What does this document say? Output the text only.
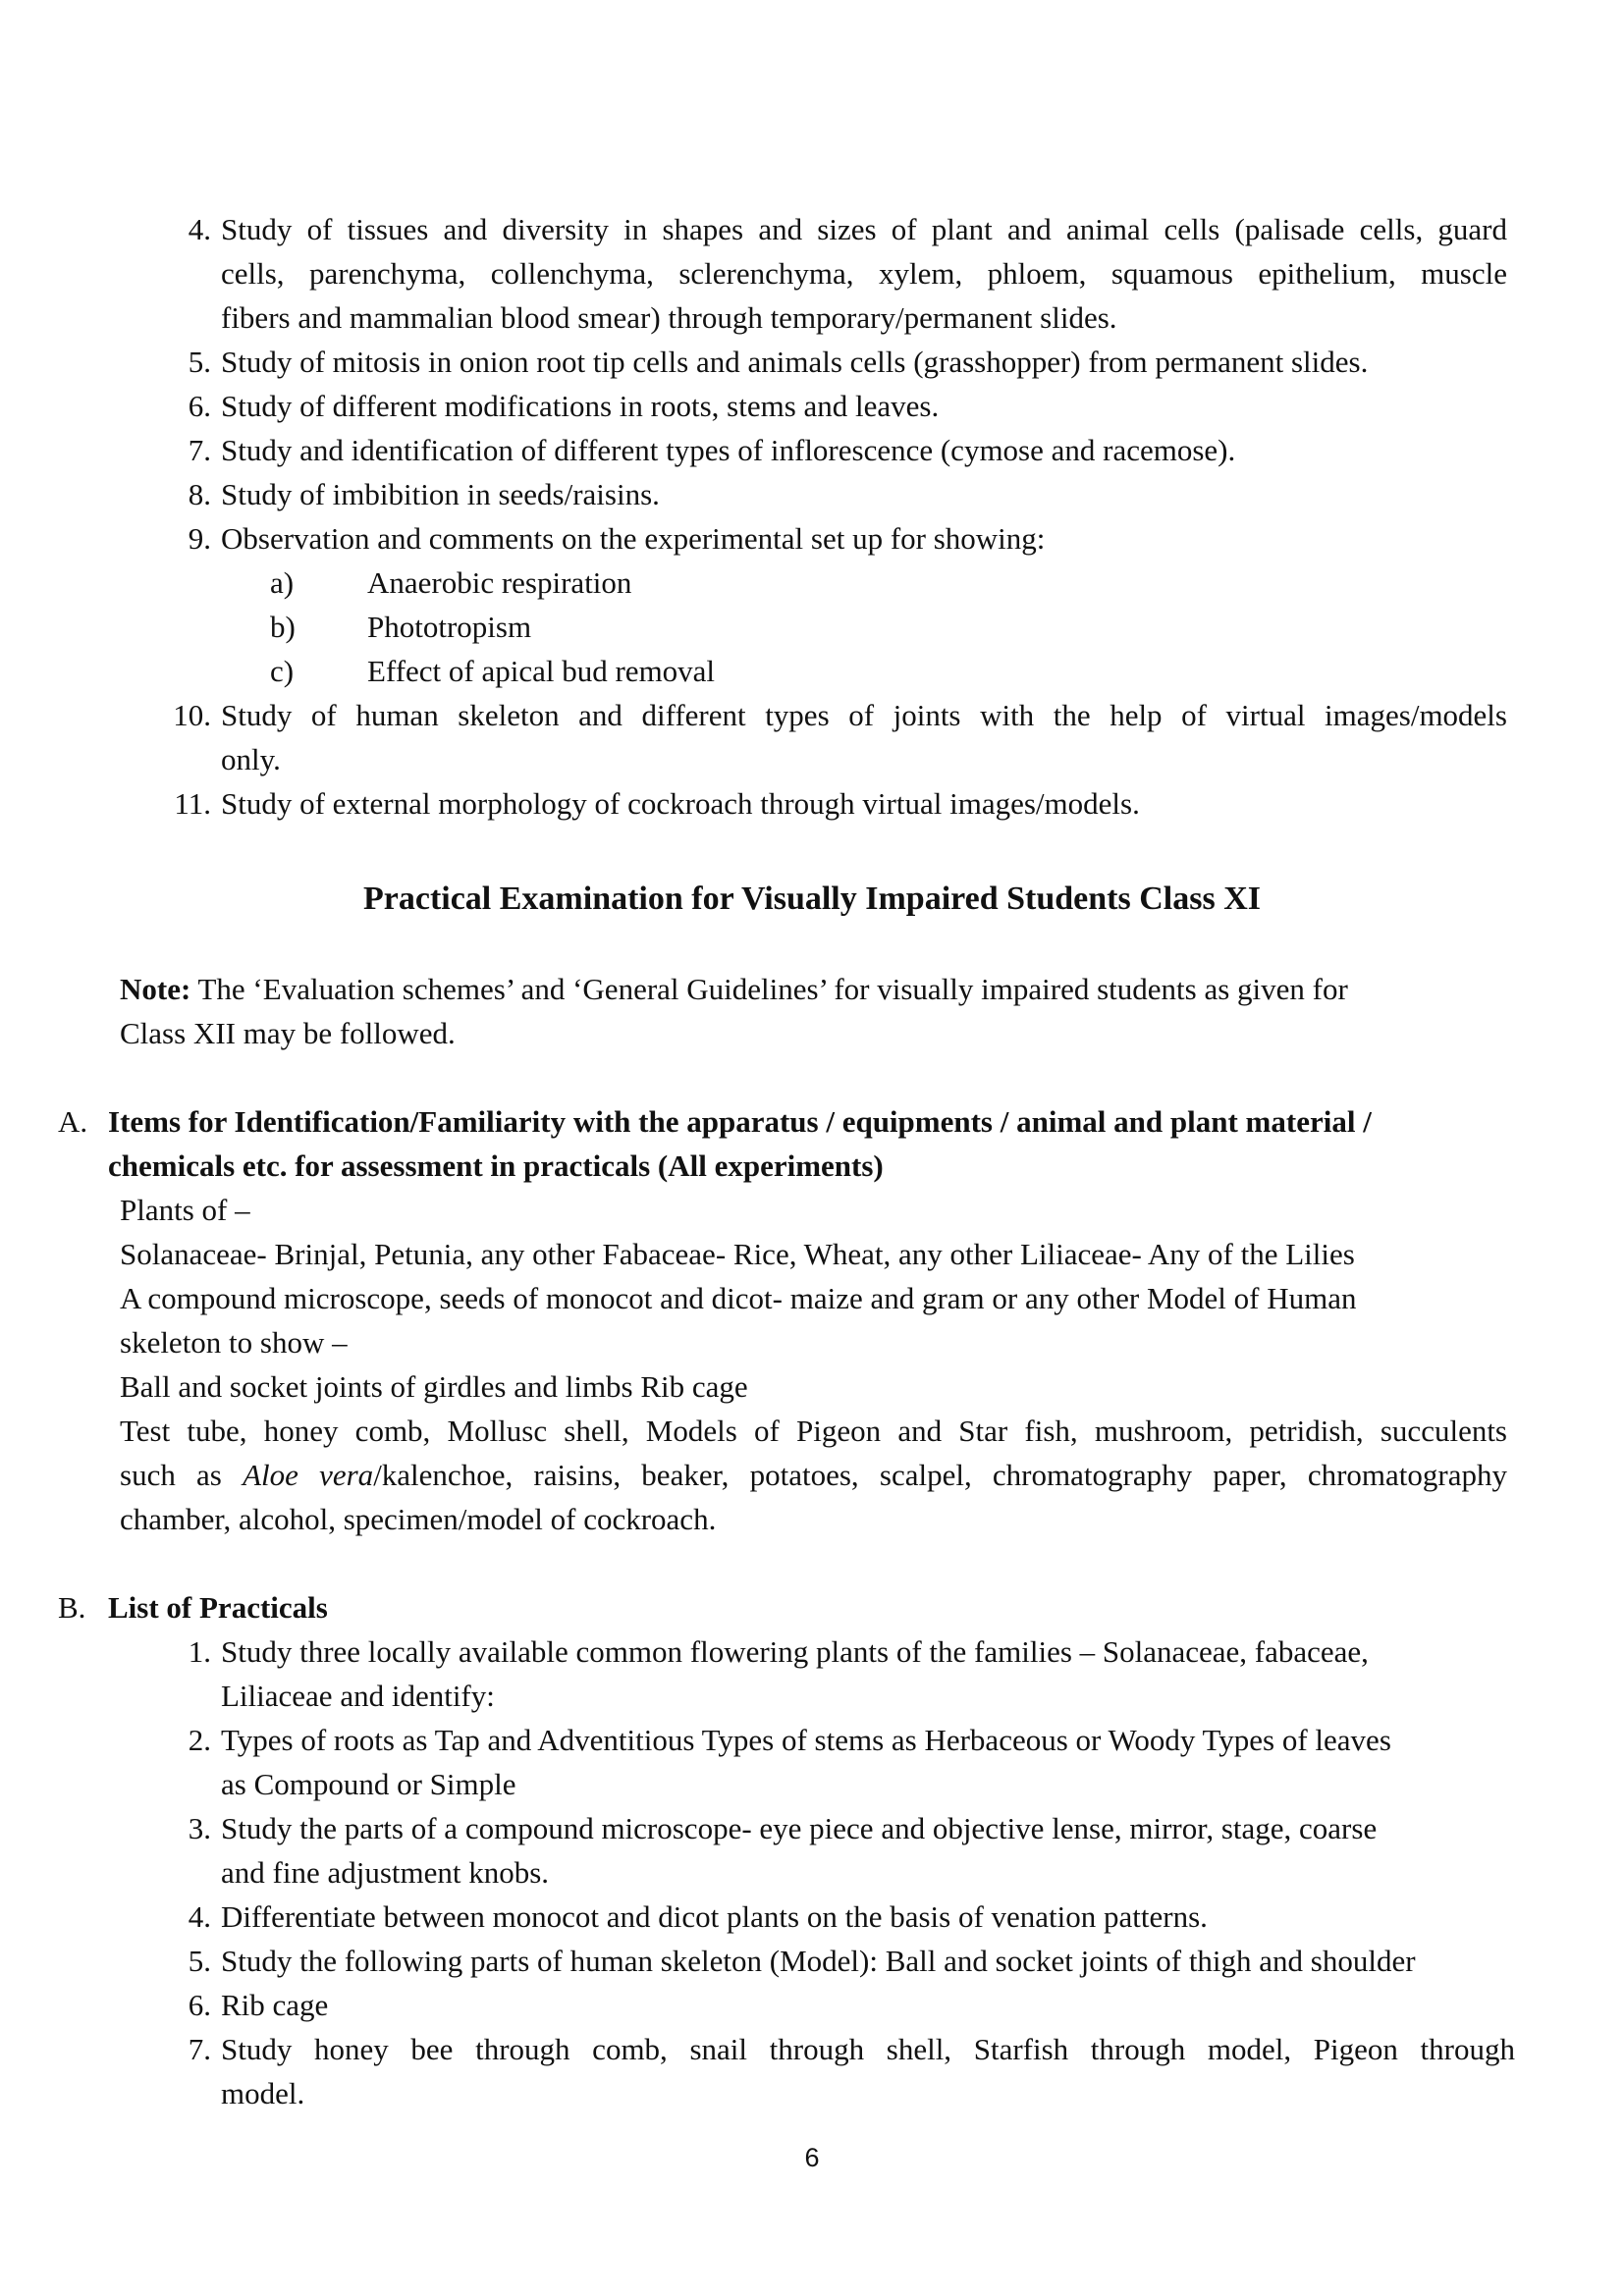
4. Study of tissues and diversity in shapes and sizes of plant and animal cells (palisade cells, guard
cells, parenchyma, collenchyma, sclerenchyma, xylem, phloem, squamous epithelium, muscle
fibers and mammalian blood smear) through temporary/permanent slides.
5. Study of mitosis in onion root tip cells and animals cells (grasshopper) from permanent slides.
6. Study of different modifications in roots, stems and leaves.
7. Study and identification of different types of inflorescence (cymose and racemose).
8. Study of imbibition in seeds/raisins.
9. Observation and comments on the experimental set up for showing:
a) Anaerobic respiration
b) Phototropism
c) Effect of apical bud removal
10. Study of human skeleton and different types of joints with the help of virtual images/models
only.
11. Study of external morphology of cockroach through virtual images/models.
Practical Examination for Visually Impaired Students Class XI
Note: The ‘Evaluation schemes’ and ‘General Guidelines’ for visually impaired students as given for
Class XII may be followed.
A. Items for Identification/Familiarity with the apparatus / equipments / animal and plant material /
chemicals etc. for assessment in practicals (All experiments)
Plants of –
Solanaceae- Brinjal, Petunia, any other Fabaceae- Rice, Wheat, any other Liliaceae- Any of the Lilies
A compound microscope, seeds of monocot and dicot- maize and gram or any other Model of Human
skeleton to show –
Ball and socket joints of girdles and limbs Rib cage
Test tube, honey comb, Mollusc shell, Models of Pigeon and Star fish, mushroom, petridish, succulents
such as Aloe vera/kalenchoe, raisins, beaker, potatoes, scalpel, chromatography paper, chromatography
chamber, alcohol, specimen/model of cockroach.
B. List of Practicals
1. Study three locally available common flowering plants of the families – Solanaceae, fabaceae,
Liliaceae and identify:
2. Types of roots as Tap and Adventitious Types of stems as Herbaceous or Woody Types of leaves
as Compound or Simple
3. Study the parts of a compound microscope- eye piece and objective lense, mirror, stage, coarse
and fine adjustment knobs.
4. Differentiate between monocot and dicot plants on the basis of venation patterns.
5. Study the following parts of human skeleton (Model): Ball and socket joints of thigh and shoulder
6. Rib cage
7. Study honey bee through comb, snail through shell, Starfish through model, Pigeon through
model.
6
